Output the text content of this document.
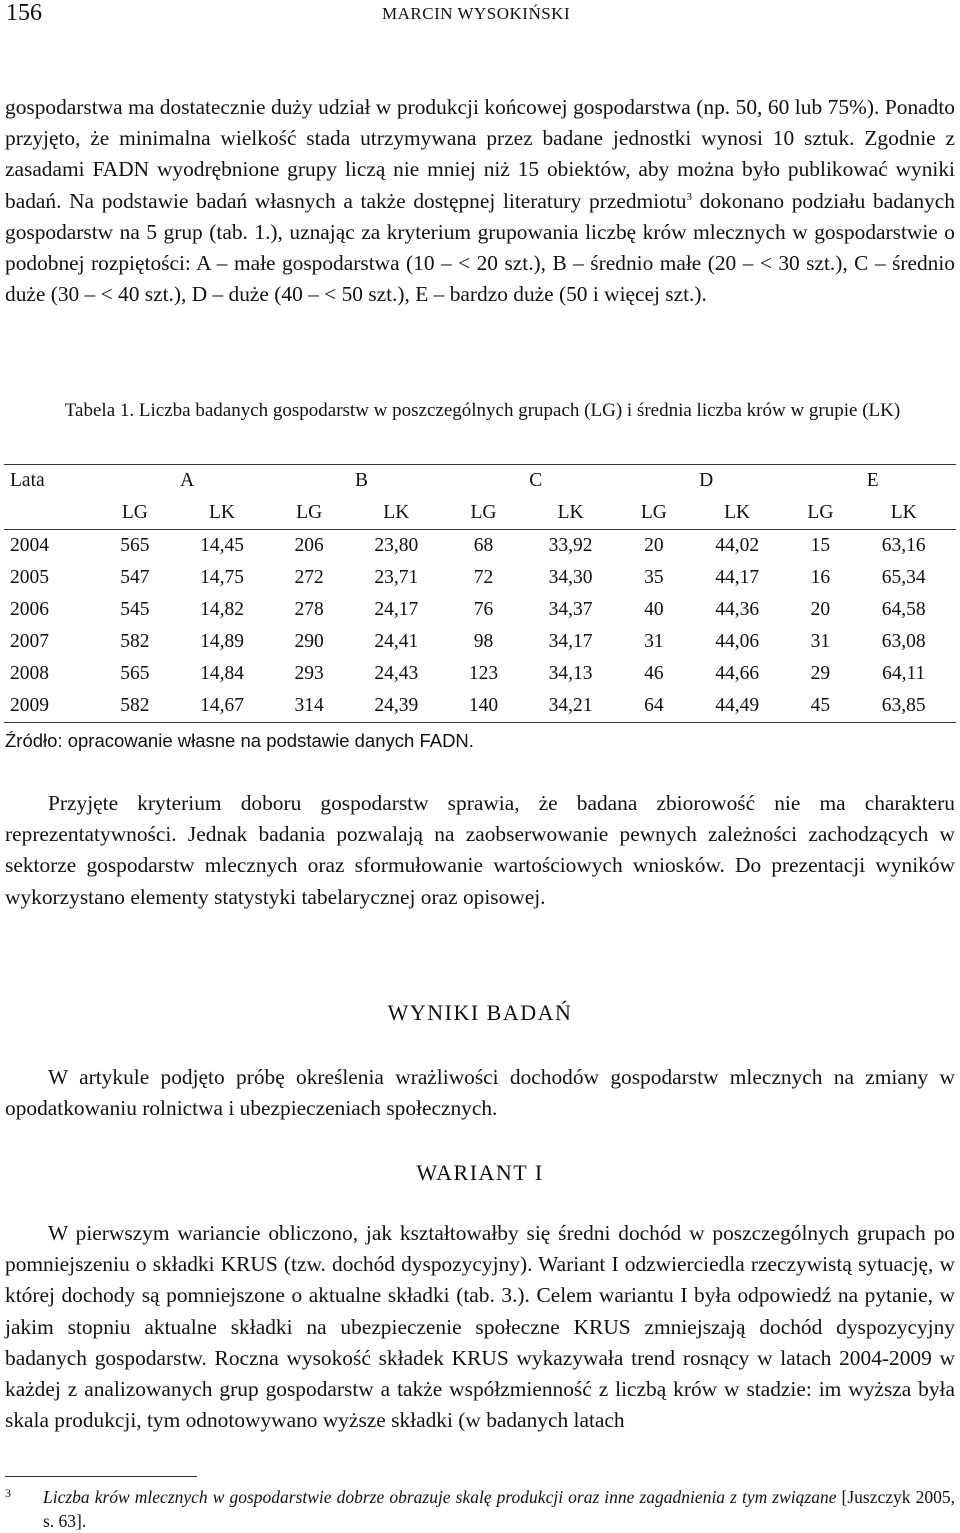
156	MARCIN WYSOKIŃSKI

gospodarstwa ma dostatecznie duży udział w produkcji końcowej gospodarstwa (np. 50, 60 lub 75%). Ponadto przyjęto, że minimalna wielkość stada utrzymywana przez badane jednostki wynosi 10 sztuk. Zgodnie z zasadami FADN wyodrębnione grupy liczą nie mniej niż 15 obiektów, aby można było publikować wyniki badań. Na podstawie badań własnych a także dostępnej literatury przedmiotu$^3$ dokonano podziału badanych gospodarstw na 5 grup (tab. 1.), uznając za kryterium grupowania liczbę krów mlecznych w gospodarstwie o podobnej rozpiętości: A – małe gospodarstwa (10 – < 20 szt.), B – średnio małe (20 – < 30 szt.), C – średnio duże (30 – < 40 szt.), D – duże (40 – < 50 szt.), E – bardzo duże (50 i więcej szt.).

Tabela 1. Liczba badanych gospodarstw w poszczególnych grupach (LG) i średnia liczba krów w grupie (LK)
Lata	A		B		C		D		E	
	LG	LK	LG	LK	LG	LK	LG	LK	LG	LK
2004	565	14,45	206	23,80	68	33,92	20	44,02	15	63,16
2005	547	14,75	272	23,71	72	34,30	35	44,17	16	65,34
2006	545	14,82	278	24,17	76	34,37	40	44,36	20	64,58
2007	582	14,89	290	24,41	98	34,17	31	44,06	31	63,08
2008	565	14,84	293	24,43	123	34,13	46	44,66	29	64,11
2009	582	14,67	314	24,39	140	34,21	64	44,49	45	63,85
Źródło: opracowanie własne na podstawie danych FADN.

Przyjęte kryterium doboru gospodarstw sprawia, że badana zbiorowość nie ma charakteru reprezentatywności. Jednak badania pozwalają na zaobserwowanie pewnych zależności zachodzących w sektorze gospodarstw mlecznych oraz sformułowanie wartościowych wniosków. Do prezentacji wyników wykorzystano elementy statystyki tabelarycznej oraz opisowej.

WYNIKI BADAŃ

W artykule podjęto próbę określenia wrażliwości dochodów gospodarstw mlecznych na zmiany w opodatkowaniu rolnictwa i ubezpieczeniach społecznych.

WARIANT I

W pierwszym wariancie obliczono, jak kształtowałby się średni dochód w poszczególnych grupach po pomniejszeniu o składki KRUS (tzw. dochód dyspozycyjny). Wariant I odzwierciedla rzeczywistą sytuację, w której dochody są pomniejszone o aktualne składki (tab. 3.). Celem wariantu I była odpowiedź na pytanie, w jakim stopniu aktualne składki na ubezpieczenie społeczne KRUS zmniejszają dochód dyspozycyjny badanych gospodarstw. Roczna wysokość składek KRUS wykazywała trend rosnący w latach 2004-2009 w każdej z analizowanych grup gospodarstw a także współzmienność z liczbą krów w stadzie: im wyższa była skala produkcji, tym odnotowywano wyższe składki (w badanych latach

3 Liczba krów mlecznych w gospodarstwie dobrze obrazuje skalę produkcji oraz inne zagadnienia z tym związane [Juszczyk 2005, s. 63].
